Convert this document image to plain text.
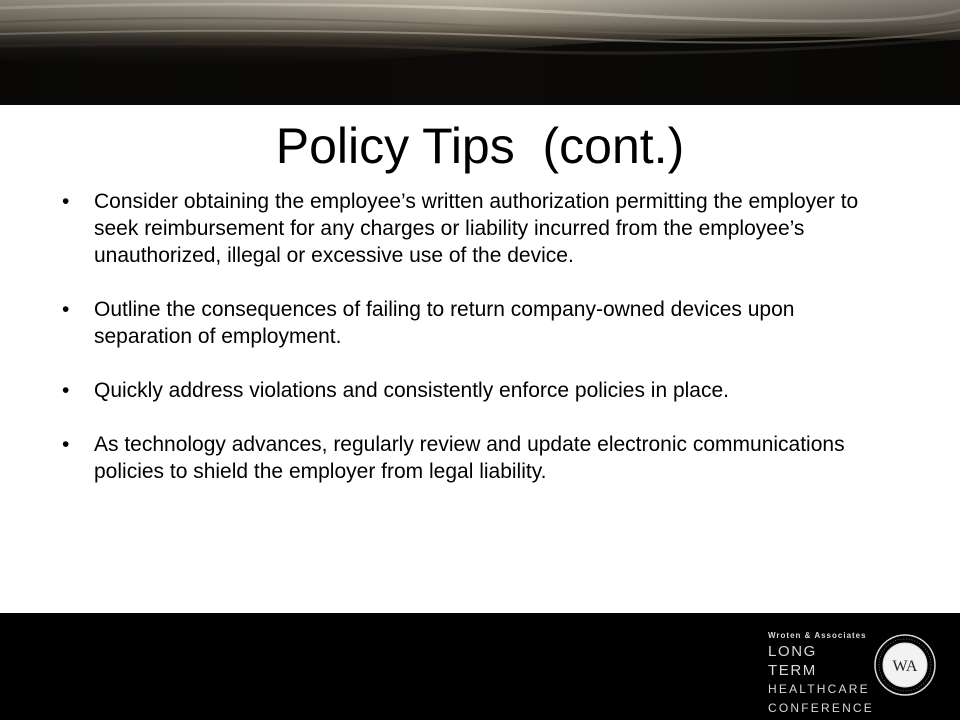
Policy Tips  (cont.)
• Consider obtaining the employee’s written authorization permitting the employer to seek reimbursement for any charges or liability incurred from the employee’s unauthorized, illegal or excessive use of the device.
• Outline the consequences of failing to return company-owned devices upon separation of employment.
• Quickly address violations and consistently enforce policies in place.
• As technology advances, regularly review and update electronic communications policies to shield the employer from legal liability.
Wroten & Associates
LONG TERM
HEALTHCARE
CONFERENCE
WA
